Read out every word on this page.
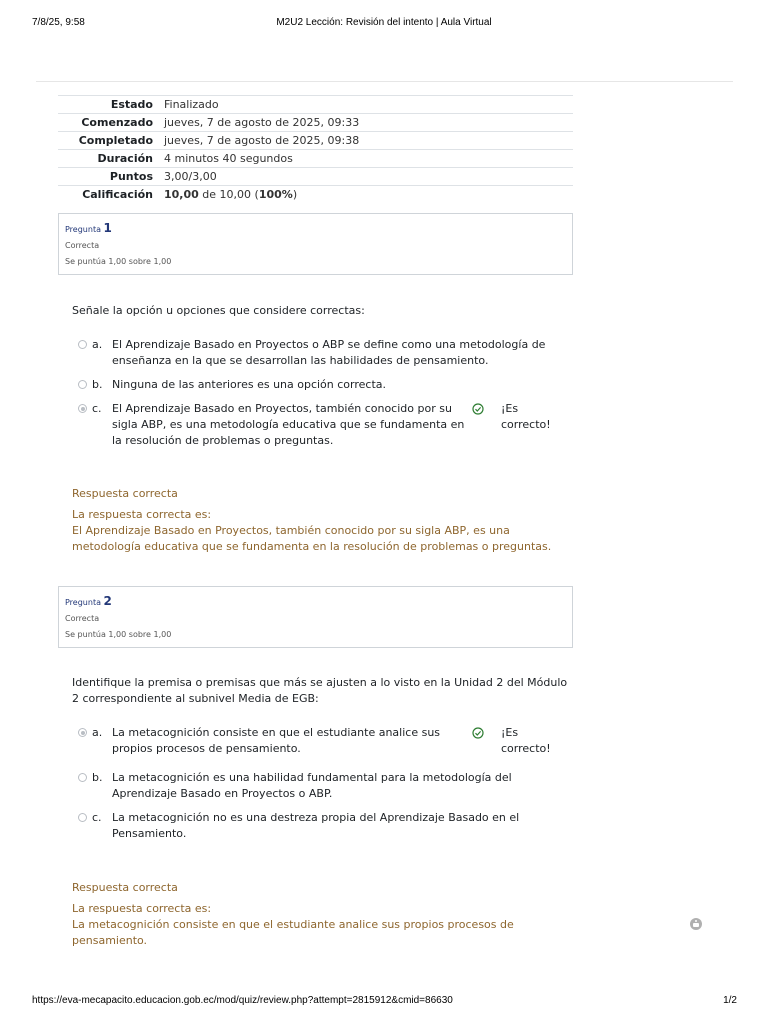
7/8/25, 9:58	M2U2 Lección: Revisión del intento | Aula Virtual
Estado	Finalizado
Comenzado	jueves, 7 de agosto de 2025, 09:33
Completado	jueves, 7 de agosto de 2025, 09:38
Duración	4 minutos 40 segundos
Puntos	3,00/3,00
Calificación	10,00 de 10,00 (100%)
Pregunta 1
Correcta
Se puntúa 1,00 sobre 1,00
Señale la opción u opciones que considere correctas:
a. El Aprendizaje Basado en Proyectos o ABP se define como una metodología de
enseñanza en la que se desarrollan las habilidades de pensamiento.
b. Ninguna de las anteriores es una opción correcta.
c. El Aprendizaje Basado en Proyectos, también conocido por su
sigla ABP, es una metodología educativa que se fundamenta en
la resolución de problemas o preguntas.
¡Es
correcto!
Respuesta correcta
La respuesta correcta es:
El Aprendizaje Basado en Proyectos, también conocido por su sigla ABP, es una
metodología educativa que se fundamenta en la resolución de problemas o preguntas.
Pregunta 2
Correcta
Se puntúa 1,00 sobre 1,00
Identifique la premisa o premisas que más se ajusten a lo visto en la Unidad 2 del Módulo
2 correspondiente al subnivel Media de EGB:
a. La metacognición consiste en que el estudiante analice sus
propios procesos de pensamiento.
¡Es
correcto!
b. La metacognición es una habilidad fundamental para la metodología del
Aprendizaje Basado en Proyectos o ABP.
c. La metacognición no es una destreza propia del Aprendizaje Basado en el
Pensamiento.
Respuesta correcta
La respuesta correcta es:
La metacognición consiste en que el estudiante analice sus propios procesos de
pensamiento.
https://eva-mecapacito.educacion.gob.ec/mod/quiz/review.php?attempt=2815912&cmid=86630	1/2
